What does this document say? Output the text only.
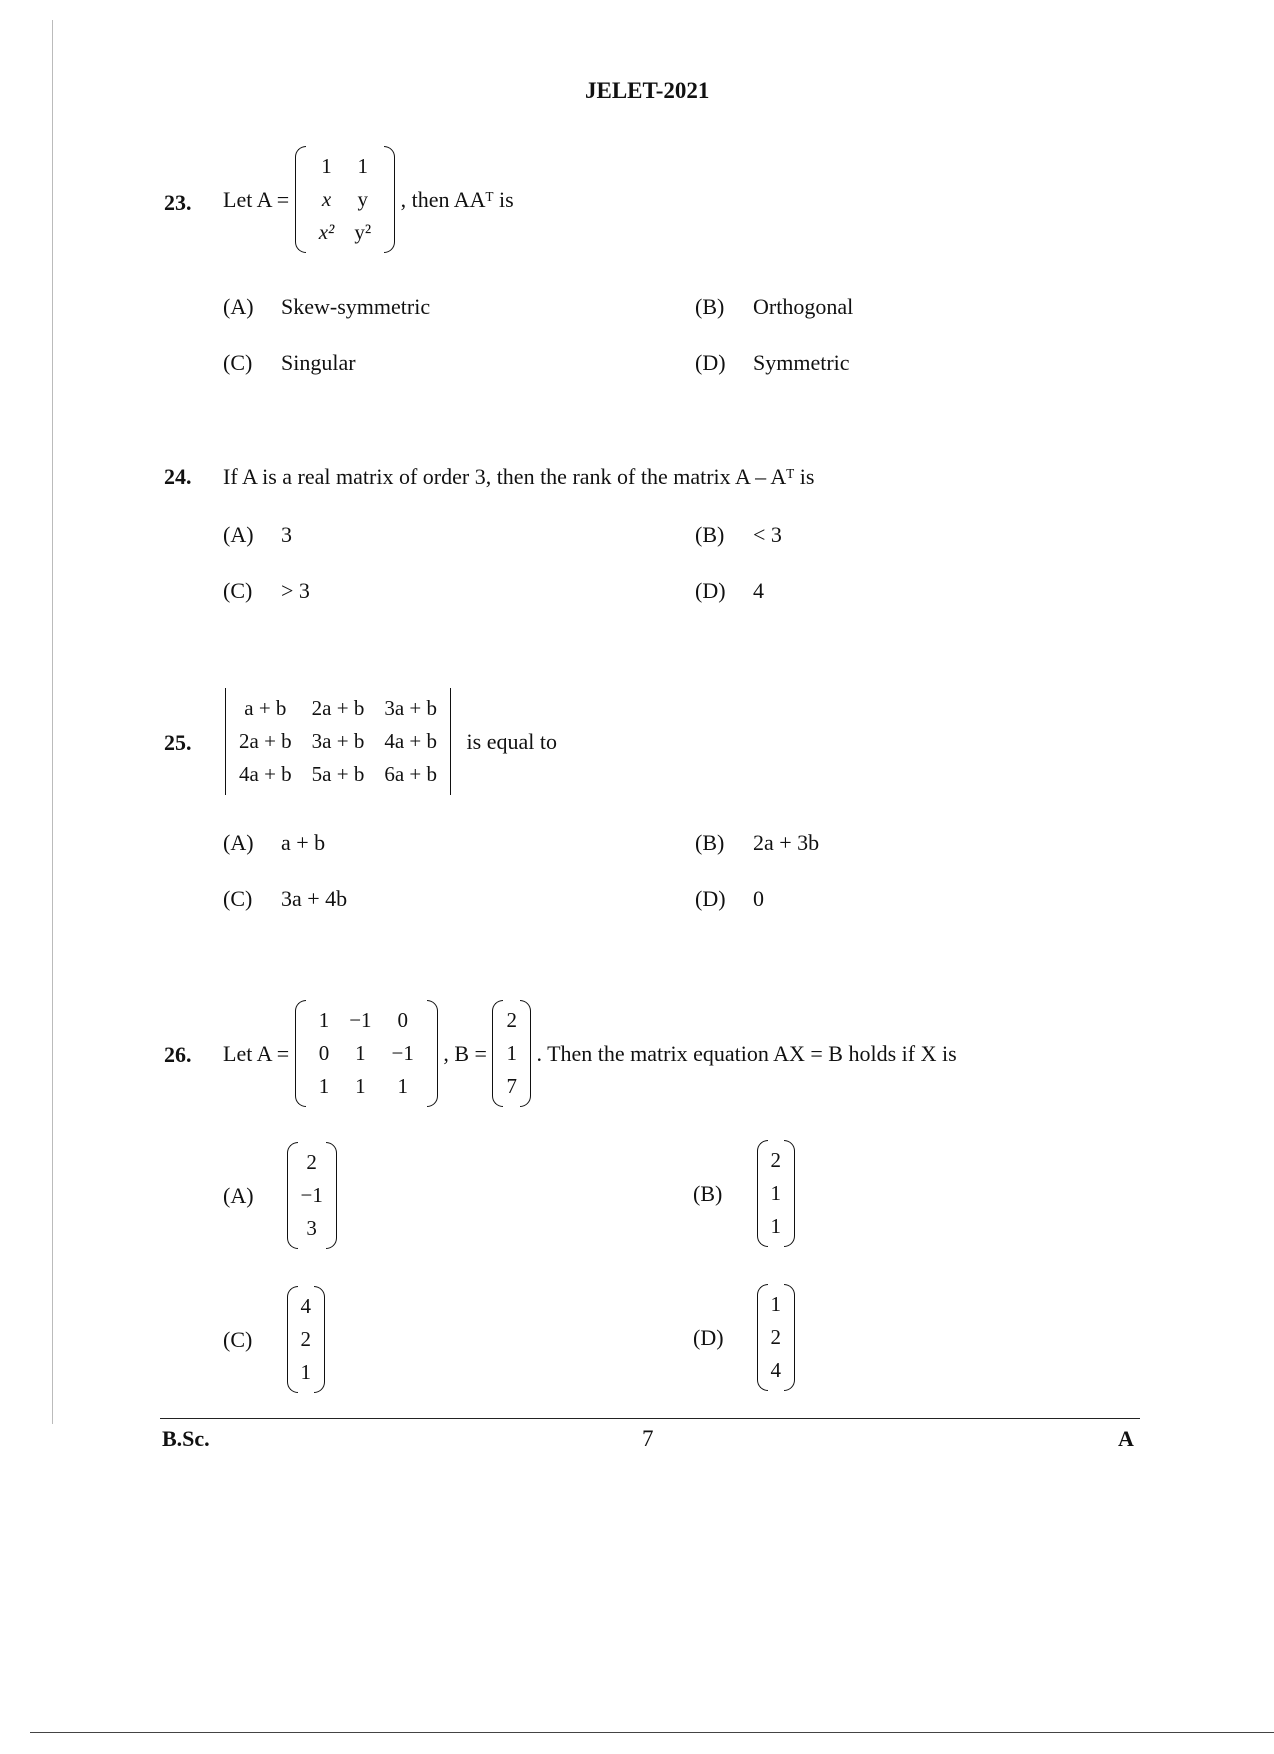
JELET-2021
23. Let A =
1	1
x	y
x²	y²
, then AAᵀ is
(A) Skew-symmetric	(B) Orthogonal
(C) Singular	(D) Symmetric
24. If A is a real matrix of order 3, then the rank of the matrix A – Aᵀ is
(A) 3	(B) < 3
(C) > 3	(D) 4
25.
a + b	2a + b	3a + b
2a + b	3a + b	4a + b
4a + b	5a + b	6a + b
is equal to
(A) a + b	(B) 2a + 3b
(C) 3a + 4b	(D) 0
26. Let A =
1	−1	0
0	1	−1
1	1	1
, B =
2
1
7
. Then the matrix equation AX = B holds if X is
(A)
2
−1
3
(B)
2
1
1
(C)
4
2
1
(D)
1
2
4
B.Sc.	7	A
